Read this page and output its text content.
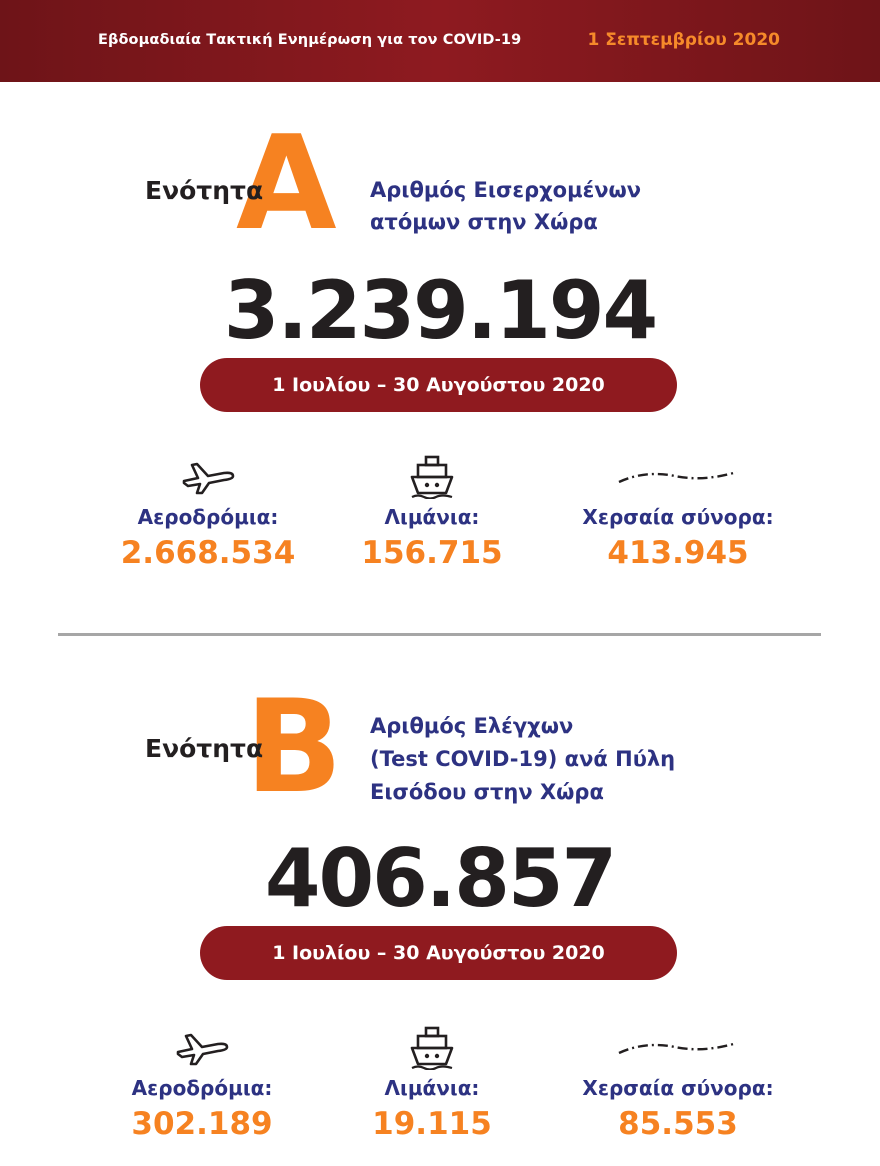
Εβδομαδιαία Τακτική Ενημέρωση για τον COVID-19	1 Σεπτεμβρίου 2020
A
Ενότητα	Αριθμός Εισερχομένων
ατόμων στην Χώρα
3.239.194
1 Ιουλίου – 30 Αυγούστου 2020
Αεροδρόμια:
2.668.534
Λιμάνια:
156.715
Χερσαία σύνορα:
413.945
B
Ενότητα
Αριθμός Ελέγχων
(Test COVID-19) ανά Πύλη
Εισόδου στην Χώρα
406.857
1 Ιουλίου – 30 Αυγούστου 2020
Αεροδρόμια:
302.189
Λιμάνια:
19.115
Χερσαία σύνορα:
85.553
